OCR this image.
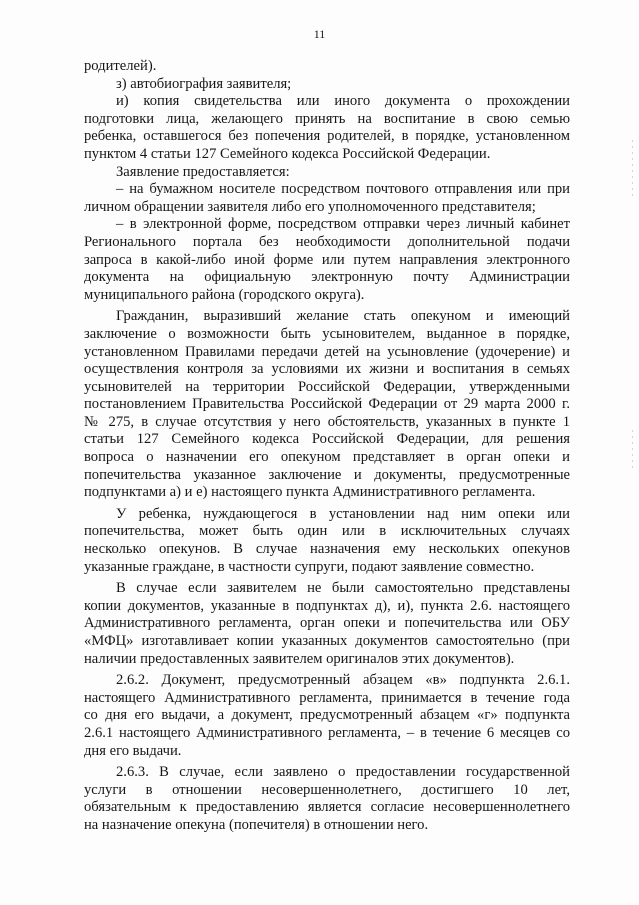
11

родителей).

з) автобиография заявителя;

и) копия свидетельства или иного документа о прохождении
подготовки лица, желающего принять на воспитание в свою семью
ребенка, оставшегося без попечения родителей, в порядке, установленном
пунктом 4 статьи 127 Семейного кодекса Российской Федерации.

Заявление предоставляется:

– на бумажном носителе посредством почтового отправления или при
личном обращении заявителя либо его уполномоченного представителя;

– в электронной форме, посредством отправки через личный кабинет
Регионального портала без необходимости дополнительной подачи
запроса в какой-либо иной форме или путем направления электронного
документа на официальную электронную почту Администрации
муниципального района (городского округа).

Гражданин, выразивший желание стать опекуном и имеющий
заключение о возможности быть усыновителем, выданное в порядке,
установленном Правилами передачи детей на усыновление (удочерение) и
осуществления контроля за условиями их жизни и воспитания в семьях
усыновителей на территории Российской Федерации, утвержденными
постановлением Правительства Российской Федерации от 29 марта 2000 г.
№ 275, в случае отсутствия у него обстоятельств, указанных в пункте 1
статьи 127 Семейного кодекса Российской Федерации, для решения
вопроса о назначении его опекуном представляет в орган опеки и
попечительства указанное заключение и документы, предусмотренные
подпунктами а) и е) настоящего пункта Административного регламента.

У ребенка, нуждающегося в установлении над ним опеки или
попечительства, может быть один или в исключительных случаях
несколько опекунов. В случае назначения ему нескольких опекунов
указанные граждане, в частности супруги, подают заявление совместно.

В случае если заявителем не были самостоятельно представлены
копии документов, указанные в подпунктах д), и), пункта 2.6. настоящего
Административного регламента, орган опеки и попечительства или ОБУ
«МФЦ» изготавливает копии указанных документов самостоятельно (при
наличии предоставленных заявителем оригиналов этих документов).

2.6.2. Документ, предусмотренный абзацем «в» подпункта 2.6.1.
настоящего Административного регламента, принимается в течение года
со дня его выдачи, а документ, предусмотренный абзацем «г» подпункта
2.6.1 настоящего Административного регламента, – в течение 6 месяцев со
дня его выдачи.

2.6.3. В случае, если заявлено о предоставлении государственной
услуги в отношении несовершеннолетнего, достигшего 10 лет,
обязательным к предоставлению является согласие несовершеннолетнего
на назначение опекуна (попечителя) в отношении него.
